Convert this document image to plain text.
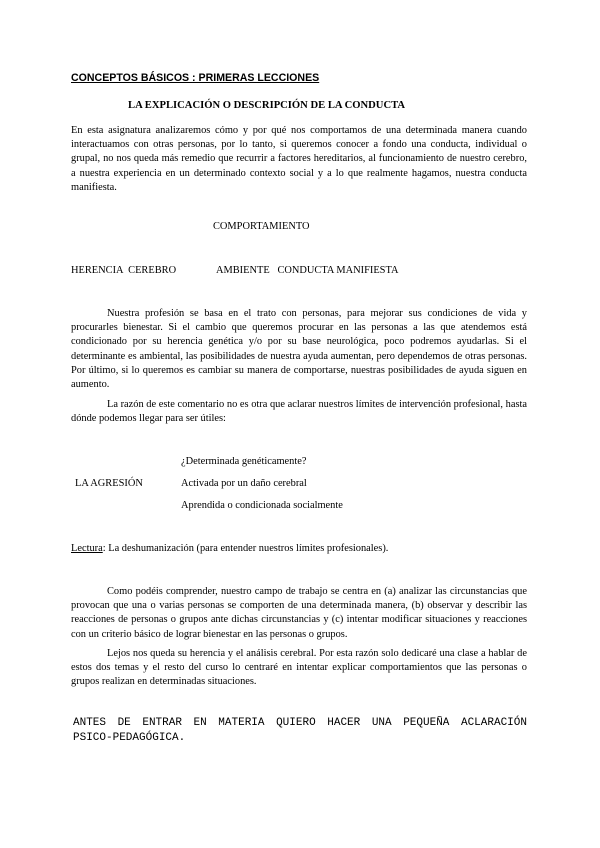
CONCEPTOS BÁSICOS : PRIMERAS LECCIONES
LA EXPLICACIÓN O DESCRIPCIÓN DE LA CONDUCTA
En esta asignatura analizaremos cómo y por qué nos comportamos de una determinada manera cuando interactuamos con otras personas, por lo tanto, si queremos conocer a fondo una conducta, individual o grupal, no nos queda más remedio que recurrir a factores hereditarios, al funcionamiento de nuestro cerebro, a nuestra experiencia en un determinado contexto social y a lo que realmente hagamos, nuestra conducta manifiesta.
COMPORTAMIENTO
HERENCIA  CEREBRO	AMBIENTE   CONDUCTA MANIFIESTA
Nuestra profesión se basa en el trato con personas, para mejorar sus condiciones de vida y procurarles bienestar. Si el cambio que queremos procurar en las personas a las que atendemos está condicionado por su herencia genética y/o por su base neurológica, poco podremos ayudarlas. Si el determinante es ambiental, las posibilidades de nuestra ayuda aumentan, pero dependemos de otras personas. Por último, si lo queremos es cambiar su manera de comportarse, nuestras posibilidades de ayuda siguen en aumento.
La razón de este comentario no es otra que aclarar nuestros límites de intervención profesional, hasta dónde podemos llegar para ser útiles:
LA AGRESIÓN
¿Determinada genéticamente?
Activada por un daño cerebral
Aprendida o condicionada socialmente
Lectura: La deshumanización (para entender nuestros límites profesionales).
Como podéis comprender, nuestro campo de trabajo se centra en (a) analizar las circunstancias que provocan que una o varias personas se comporten de una determinada manera, (b) observar y describir las reacciones de personas o grupos ante dichas circunstancias y (c) intentar modificar situaciones y reacciones con un criterio básico de lograr bienestar en las personas o grupos.
Lejos nos queda su herencia y el análisis cerebral. Por esta razón solo dedicaré una clase a hablar de estos dos temas y el resto del curso lo centraré en intentar explicar comportamientos que las personas o grupos realizan en determinadas situaciones.
ANTES DE ENTRAR EN MATERIA QUIERO HACER UNA PEQUEÑA ACLARACIÓN PSICO-PEDAGÓGICA.
